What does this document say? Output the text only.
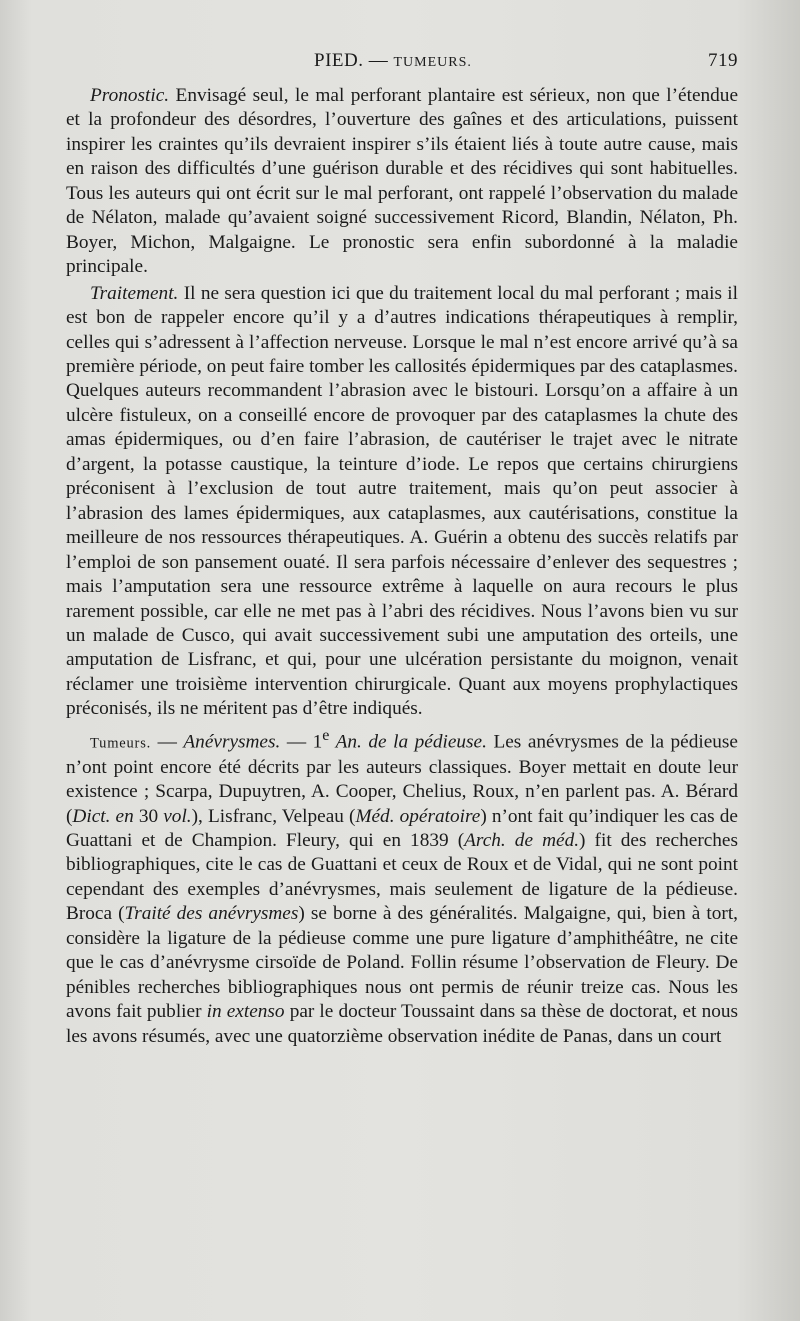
PIED. — TUMEURS.	719

Pronostic. Envisagé seul, le mal perforant plantaire est sérieux, non que l’étendue et la profondeur des désordres, l’ouverture des gaînes et des articulations, puissent inspirer les craintes qu’ils devraient inspirer s’ils étaient liés à toute autre cause, mais en raison des difficultés d’une guérison durable et des récidives qui sont habituelles. Tous les auteurs qui ont écrit sur le mal perforant, ont rappelé l’observation du malade de Nélaton, malade qu’avaient soigné successivement Ricord, Blandin, Nélaton, Ph. Boyer, Michon, Malgaigne. Le pronostic sera enfin subordonné à la maladie principale.

Traitement. Il ne sera question ici que du traitement local du mal perforant ; mais il est bon de rappeler encore qu’il y a d’autres indications thérapeutiques à remplir, celles qui s’adressent à l’affection nerveuse. Lorsque le mal n’est encore arrivé qu’à sa première période, on peut faire tomber les callosités épidermiques par des cataplasmes. Quelques auteurs recommandent l’abrasion avec le bistouri. Lorsqu’on a affaire à un ulcère fistuleux, on a conseillé encore de provoquer par des cataplasmes la chute des amas épidermiques, ou d’en faire l’abrasion, de cautériser le trajet avec le nitrate d’argent, la potasse caustique, la teinture d’iode. Le repos que certains chirurgiens préconisent à l’exclusion de tout autre traitement, mais qu’on peut associer à l’abrasion des lames épidermiques, aux cataplasmes, aux cautérisations, constitue la meilleure de nos ressources thérapeutiques. A. Guérin a obtenu des succès relatifs par l’emploi de son pansement ouaté. Il sera parfois nécessaire d’enlever des sequestres ; mais l’amputation sera une ressource extrême à laquelle on aura recours le plus rarement possible, car elle ne met pas à l’abri des récidives. Nous l’avons bien vu sur un malade de Cusco, qui avait successivement subi une amputation des orteils, une amputation de Lisfranc, et qui, pour une ulcération persistante du moignon, venait réclamer une troisième intervention chirurgicale. Quant aux moyens prophylactiques préconisés, ils ne méritent pas d’être indiqués.

Tumeurs. — Anévrysmes. — 1e An. de la pédieuse. Les anévrysmes de la pédieuse n’ont point encore été décrits par les auteurs classiques. Boyer mettait en doute leur existence ; Scarpa, Dupuytren, A. Cooper, Chelius, Roux, n’en parlent pas. A. Bérard (Dict. en 30 vol.), Lisfranc, Velpeau (Méd. opératoire) n’ont fait qu’indiquer les cas de Guattani et de Champion. Fleury, qui en 1839 (Arch. de méd.) fit des recherches bibliographiques, cite le cas de Guattani et ceux de Roux et de Vidal, qui ne sont point cependant des exemples d’anévrysmes, mais seulement de ligature de la pédieuse. Broca (Traité des anévrysmes) se borne à des généralités. Malgaigne, qui, bien à tort, considère la ligature de la pédieuse comme une pure ligature d’amphithéâtre, ne cite que le cas d’anévrysme cirsoïde de Poland. Follin résume l’observation de Fleury. De pénibles recherches bibliographiques nous ont permis de réunir treize cas. Nous les avons fait publier in extenso par le docteur Toussaint dans sa thèse de doctorat, et nous les avons résumés, avec une quatorzième observation inédite de Panas, dans un court
